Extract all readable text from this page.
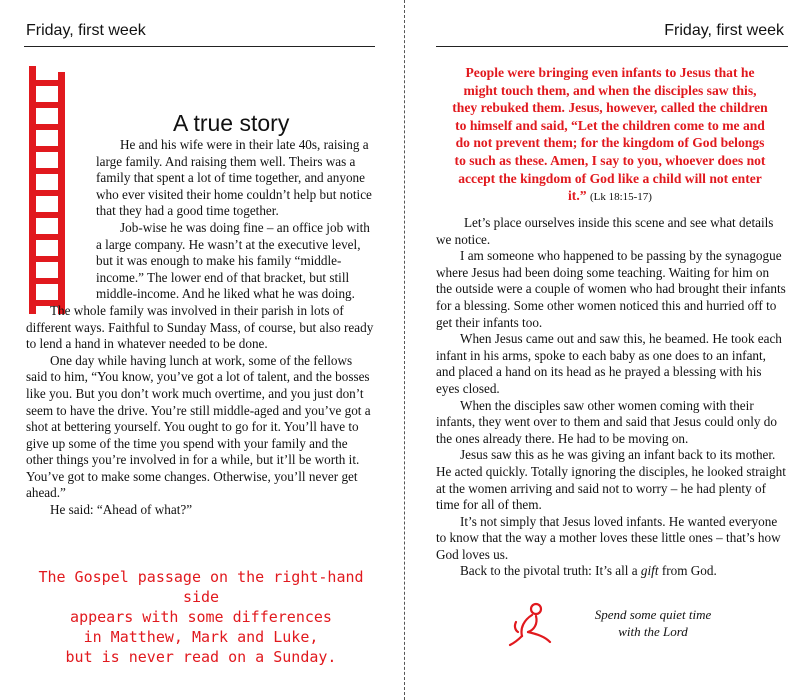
Friday, first week
A true story

He and his wife were in their late 40s, raising a large family. And raising them well. Theirs was a family that spent a lot of time together, and anyone who ever visited their home couldn’t help but notice that they had a good time together.

Job-wise he was doing fine – an office job with a large company. He wasn’t at the executive level, but it was enough to make his family “middle-income.” The lower end of that bracket, but still middle-income. And he liked what he was doing.

The whole family was involved in their parish in lots of different ways. Faithful to Sunday Mass, of course, but also ready to lend a hand in whatever needed to be done.

One day while having lunch at work, some of the fellows said to him, “You know, you’ve got a lot of talent, and the bosses like you. But you don’t work much overtime, and you just don’t seem to have the drive. You’re still middle-aged and you’ve got a shot at bettering yourself. You ought to go for it. You’ll have to give up some of the time you spend with your family and the other things you’re involved in for a while, but it’ll be worth it. You’ve got to make some changes. Otherwise, you’ll never get ahead.”

He said: “Ahead of what?”

The Gospel passage on the right-hand side
appears with some differences
in Matthew, Mark and Luke,
but is never read on a Sunday.
Friday, first week
People were bringing even infants to Jesus that he might touch them, and when the disciples saw this, they rebuked them. Jesus, however, called the children to himself and said, “Let the children come to me and do not prevent them; for the kingdom of God belongs to such as these. Amen, I say to you, whoever does not accept the kingdom of God like a child will not enter it.” (Lk 18:15-17)

Let’s place ourselves inside this scene and see what details we notice.

I am someone who happened to be passing by the synagogue where Jesus had been doing some teaching. Waiting for him on the outside were a couple of women who had brought their infants for a blessing. Some other women noticed this and hurried off to get their infants too.

When Jesus came out and saw this, he beamed. He took each infant in his arms, spoke to each baby as one does to an infant, and placed a hand on its head as he prayed a blessing with his eyes closed.

When the disciples saw other women coming with their infants, they went over to them and said that Jesus could only do the ones already there. He had to be moving on.

Jesus saw this as he was giving an infant back to its mother. He acted quickly. Totally ignoring the disciples, he looked straight at the women arriving and said not to worry – he had plenty of time for all of them.

It’s not simply that Jesus loved infants. He wanted everyone to know that the way a mother loves these little ones – that’s how God loves us.

Back to the pivotal truth: It’s all a gift from God.

Spend some quiet time
with the Lord
